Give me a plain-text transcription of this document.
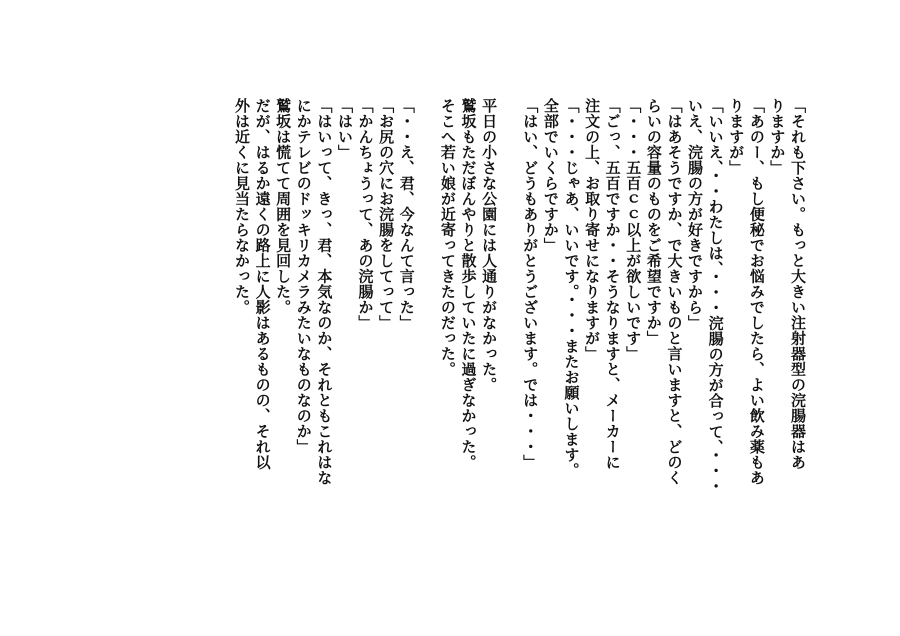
「それも下さい。もっと大きい注射器型の浣腸器はあ
りますか」
「あのー、もし便秘でお悩みでしたら、よい飲み薬もあ
りますが」
「いいえ、・・わたしは、・・・浣腸の方が合って、・・・
いえ、浣腸の方が好きですから」
「はあそうですか、で大きいものと言いますと、どのく
らいの容量のものをご希望ですか」
「・・・五百ｃｃ以上が欲しいです」
「ごっ、五百ですか・・そうなりますと、メーカーに
注文の上、お取り寄せになりますが」
「・・・じゃあ、いいです。・・・またお願いします。
全部でいくらですか」
「はい、どうもありがとうございます。では・・・」
平日の小さな公園には人通りがなかった。
鷲坂もただぼんやりと散歩していたに過ぎなかった。
そこへ若い娘が近寄ってきたのだった。
「・・え、君、今なんて言った」
「お尻の穴にお浣腸をしてって」
「かんちょうって、あの浣腸か」
「はい」
「はいって、きっ、君、本気なのか、それともこれはな
にかテレビのドッキリカメラみたいなものなのか」
鷲坂は慌てて周囲を見回した。
だが、はるか遠くの路上に人影はあるものの、それ以
外は近くに見当たらなかった。
